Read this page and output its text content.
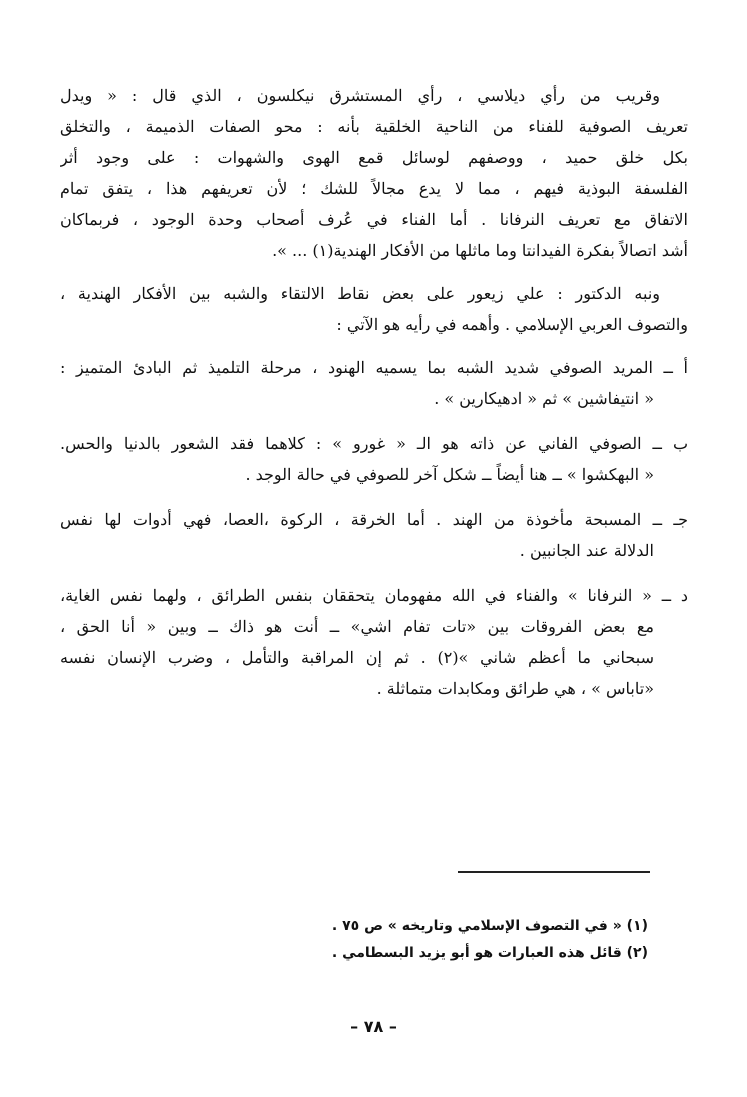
وقريب من رأي ديلاسي ، رأي المستشرق نيكلسون ، الذي قال : « ويدل
تعريف الصوفية للفناء من الناحية الخلقية بأنه : محو الصفات الذميمة ، والتخلق
بكل خلق حميد ، ووصفهم لوسائل قمع الهوى والشهوات : على وجود أثر
الفلسفة البوذية فيهم ، مما لا يدع مجالاً للشك ؛ لأن تعريفهم هذا ، يتفق تمام
الاتفاق مع تعريف النرفانا . أما الفناء في عُرف أصحاب وحدة الوجود ، فربماكان
أشد اتصالاً بفكرة الفيدانتا وما ماثلها من الأفكار الهندية(١) ... ».
ونبه الدكتور : علي زيعور على بعض نقاط الالتقاء والشبه بين الأفكار الهندية ،
والتصوف العربي الإسلامي . وأهمه في رأيه هو الآتي :
أ ــ المريد الصوفي شديد الشبه بما يسميه الهنود ، مرحلة التلميذ ثم البادئ المتميز :
« انتيفاشين » ثم « ادهيكارين » .
ب ــ الصوفي الفاني عن ذاته هو الـ « غورو » : كلاهما فقد الشعور بالدنيا والحس.
« البهكشوا » ــ هنا أيضاً ــ شكل آخر للصوفي في حالة الوجد .
جـ ــ المسبحة مأخوذة من الهند . أما الخرقة ، الركوة ،العصا، فهي أدوات لها نفس
الدلالة عند الجانبين .
د ــ « النرفانا » والفناء في الله مفهومان يتحققان بنفس الطرائق ، ولهما نفس الغاية،
مع بعض الفروقات بين «تات تفام اشي» ــ أنت هو ذاك ــ وبين « أنا الحق ،
سبحاني ما أعظم شاني »(٢) . ثم إن المراقبة والتأمل ، وضرب الإنسان نفسه
«تاباس » ، هي طرائق ومكابدات متماثلة .
(١) « في التصوف الإسلامي وتاريخه » ص ٧٥ .
(٢) قائل هذه العبارات هو أبو يزيد البسطامي .
– ٧٨ –
